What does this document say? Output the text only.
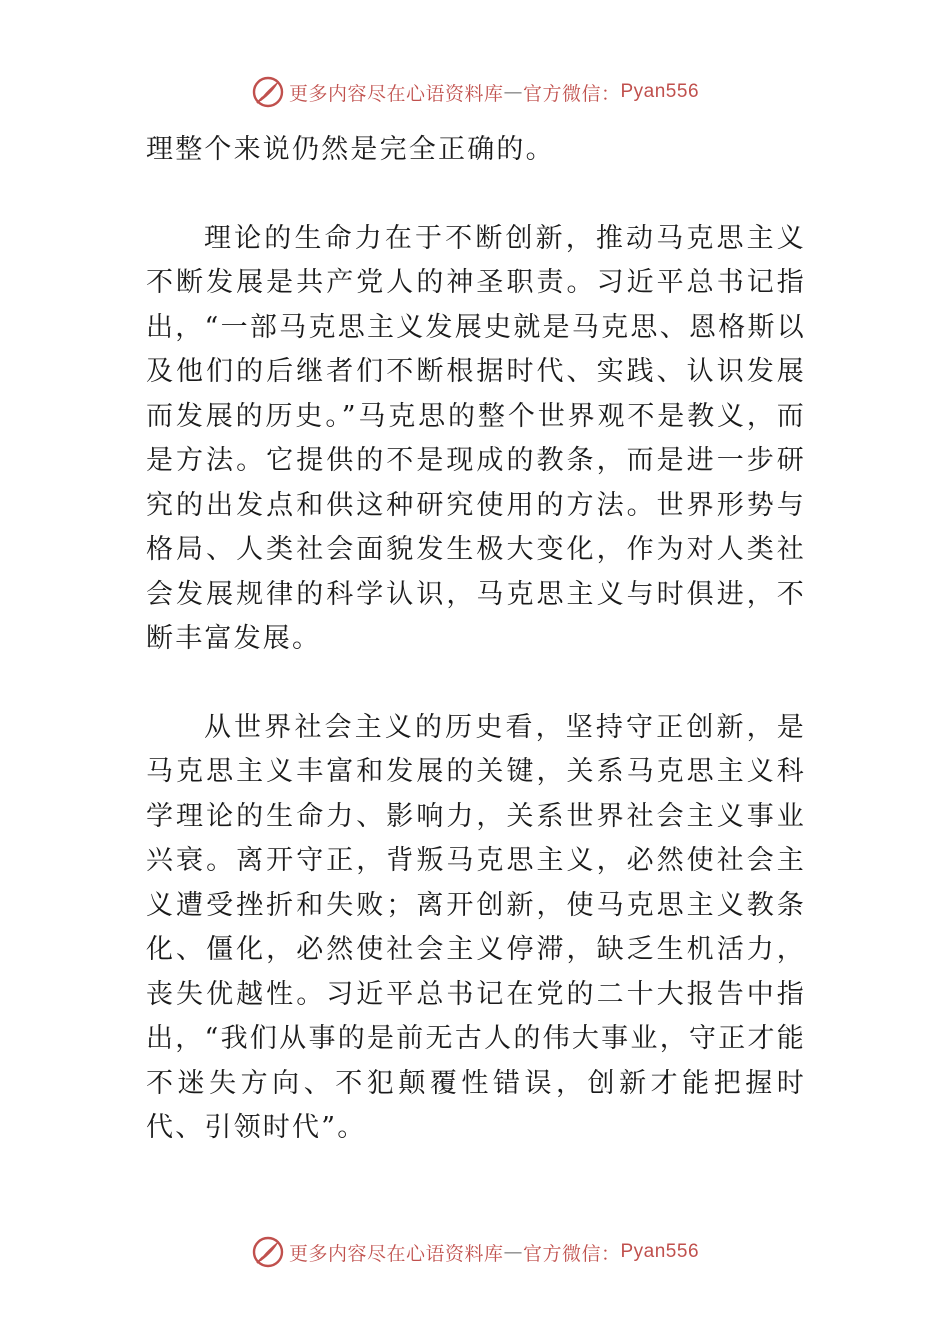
更多内容尽在心语资料库 — 官方微信： Pyan556

理整个来说仍然是完全正确的。

理论的生命力在于不断创新，推动马克思主义不断发展是共产党人的神圣职责。习近平总书记指出，“一部马克思主义发展史就是马克思、恩格斯以及他们的后继者们不断根据时代、实践、认识发展而发展的历史。”马克思的整个世界观不是教义，而是方法。它提供的不是现成的教条，而是进一步研究的出发点和供这种研究使用的方法。世界形势与格局、人类社会面貌发生极大变化，作为对人类社会发展规律的科学认识，马克思主义与时俱进，不断丰富发展。

从世界社会主义的历史看，坚持守正创新，是马克思主义丰富和发展的关键，关系马克思主义科学理论的生命力、影响力，关系世界社会主义事业兴衰。离开守正，背叛马克思主义，必然使社会主义遭受挫折和失败；离开创新，使马克思主义教条化、僵化，必然使社会主义停滞，缺乏生机活力，丧失优越性。习近平总书记在党的二十大报告中指出，“我们从事的是前无古人的伟大事业，守正才能不迷失方向、不犯颠覆性错误，创新才能把握时代、引领时代”。

更多内容尽在心语资料库 — 官方微信： Pyan556
